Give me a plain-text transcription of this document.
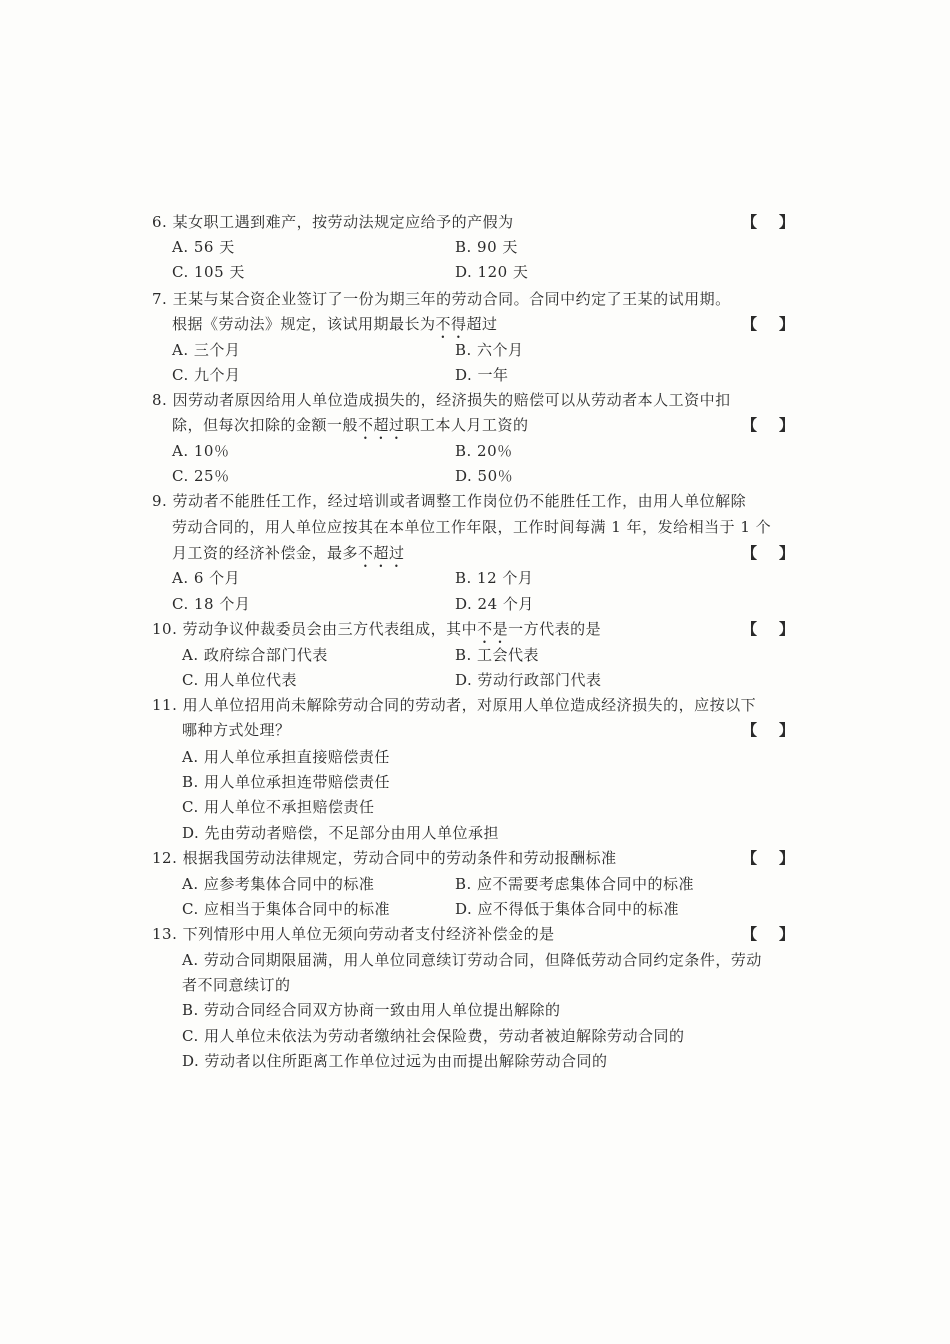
6. 某女职工遇到难产，按劳动法规定应给予的产假为	【】
A. 56 天	B. 90 天
C. 105 天	D. 120 天
7. 王某与某合资企业签订了一份为期三年的劳动合同。合同中约定了王某的试用期。
根据《劳动法》规定，该试用期最长为不得超过	【】
A. 三个月	B. 六个月
C. 九个月	D. 一年
8. 因劳动者原因给用人单位造成损失的，经济损失的赔偿可以从劳动者本人工资中扣
除，但每次扣除的金额一般不超过职工本人月工资的	【】
A. 10％	B. 20％
C. 25％	D. 50％
9. 劳动者不能胜任工作，经过培训或者调整工作岗位仍不能胜任工作，由用人单位解除
劳动合同的，用人单位应按其在本单位工作年限，工作时间每满 1 年，发给相当于 1 个
月工资的经济补偿金，最多不超过	【】
A. 6 个月	B. 12 个月
C. 18 个月	D. 24 个月
10. 劳动争议仲裁委员会由三方代表组成，其中不是一方代表的是	【】
A. 政府综合部门代表	B. 工会代表
C. 用人单位代表	D. 劳动行政部门代表
11. 用人单位招用尚未解除劳动合同的劳动者，对原用人单位造成经济损失的，应按以下
哪种方式处理？	【】
A. 用人单位承担直接赔偿责任
B. 用人单位承担连带赔偿责任
C. 用人单位不承担赔偿责任
D. 先由劳动者赔偿，不足部分由用人单位承担
12. 根据我国劳动法律规定，劳动合同中的劳动条件和劳动报酬标准	【】
A. 应参考集体合同中的标准	B. 应不需要考虑集体合同中的标准
C. 应相当于集体合同中的标准	D. 应不得低于集体合同中的标准
13. 下列情形中用人单位无须向劳动者支付经济补偿金的是	【】
A. 劳动合同期限届满，用人单位同意续订劳动合同，但降低劳动合同约定条件，劳动
者不同意续订的
B. 劳动合同经合同双方协商一致由用人单位提出解除的
C. 用人单位未依法为劳动者缴纳社会保险费，劳动者被迫解除劳动合同的
D. 劳动者以住所距离工作单位过远为由而提出解除劳动合同的
